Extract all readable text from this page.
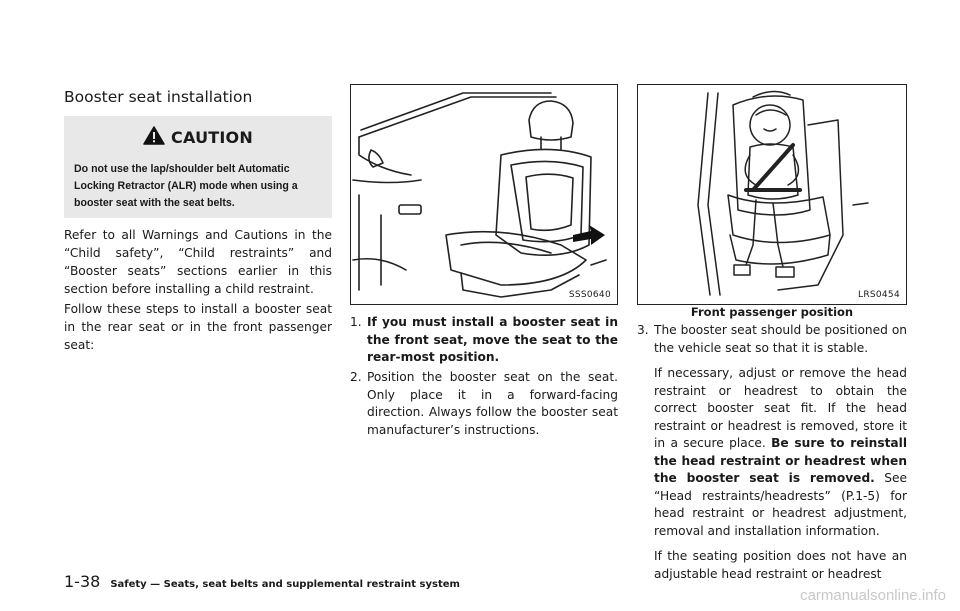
Booster seat installation
CAUTION
Do not use the lap/shoulder belt Automatic Locking Retractor (ALR) mode when using a booster seat with the seat belts.

Refer to all Warnings and Cautions in the “Child safety”, “Child restraints” and “Booster seats” sections earlier in this section before installing a child restraint.

Follow these steps to install a booster seat in the rear seat or in the front passenger seat:

SSS0640
1. If you must install a booster seat in the front seat, move the seat to the rear-most position.
2. Position the booster seat on the seat. Only place it in a forward-facing direction. Always follow the booster seat manufacturer’s instructions.
LRS0454
Front passenger position
3. The booster seat should be positioned on the vehicle seat so that it is stable.

If necessary, adjust or remove the head restraint or headrest to obtain the correct booster seat fit. If the head restraint or headrest is removed, store it in a secure place. Be sure to reinstall the head restraint or headrest when the booster seat is removed. See “Head restraints/headrests” (P.1-5) for head restraint or headrest adjustment, removal and installation information.

If the seating position does not have an adjustable head restraint or headrest

1-38 Safety — Seats, seat belts and supplemental restraint system
carmanualsonline.info
